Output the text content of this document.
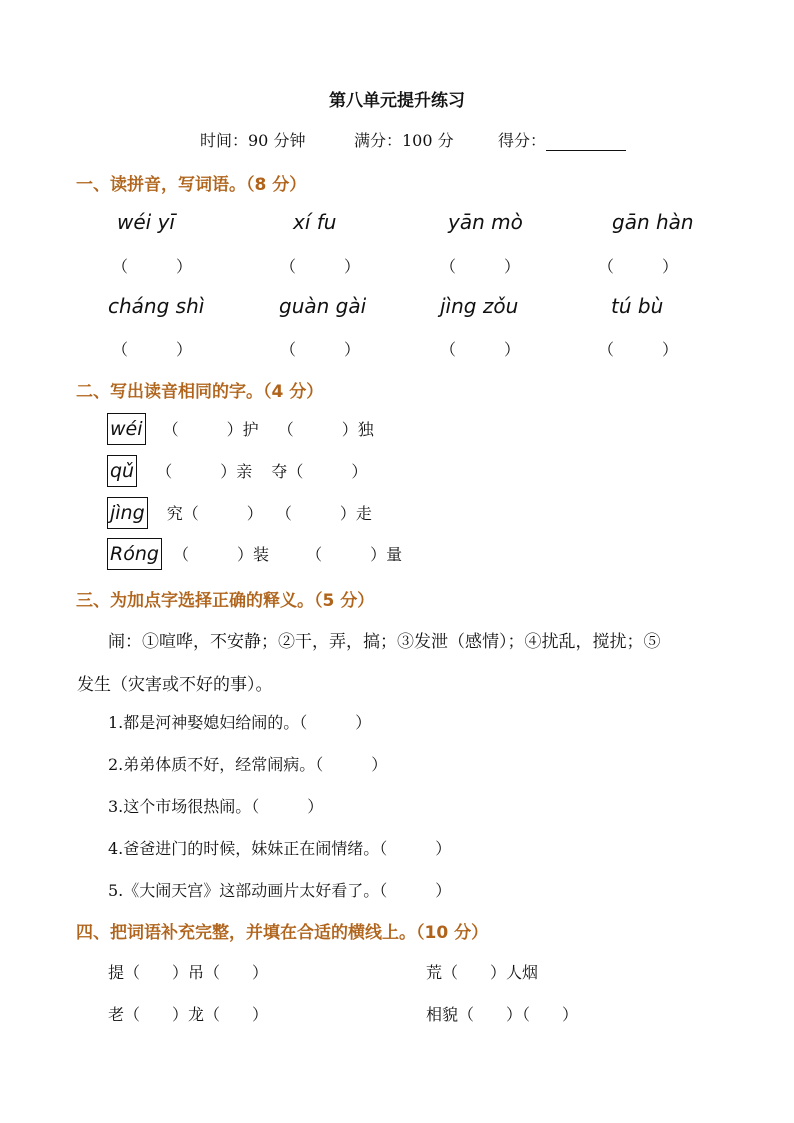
第八单元提升练习
时间：90 分钟	满分：100 分	得分：
一、读拼音，写词语。（8 分）
wéi yī	xí fu	yān mò	gān hàn
（　　　）	（　　　）	（　　　）	（　　　）
cháng shì	guàn gài	jìng zǒu	tú bù
（　　　）	（　　　）	（　　　）	（　　　）
二、写出读音相同的字。（4 分）
wéi （　　　）护 （　　　）独
qǔ （　　　）亲 夺（　　　）
jìng 究（　　　） （　　　）走
Róng （　　　）装 （　　　）量
三、为加点字选择正确的释义。（5 分）
闹：①喧哗，不安静；②干，弄，搞；③发泄（感情）；④扰乱，搅扰；⑤
发生（灾害或不好的事）。
1.都是河神娶媳妇给闹的。（　　　）
2.弟弟体质不好，经常闹病。（　　　）
3.这个市场很热闹。（　　　）
4.爸爸进门的时候，妹妹正在闹情绪。（　　　）
5.《大闹天宫》这部动画片太好看了。（　　　）
四、把词语补充完整，并填在合适的横线上。（10 分）
提（　　）吊（　　）	荒（　　）人烟
老（　　）龙（　　）	相貌（　　）（　　）
